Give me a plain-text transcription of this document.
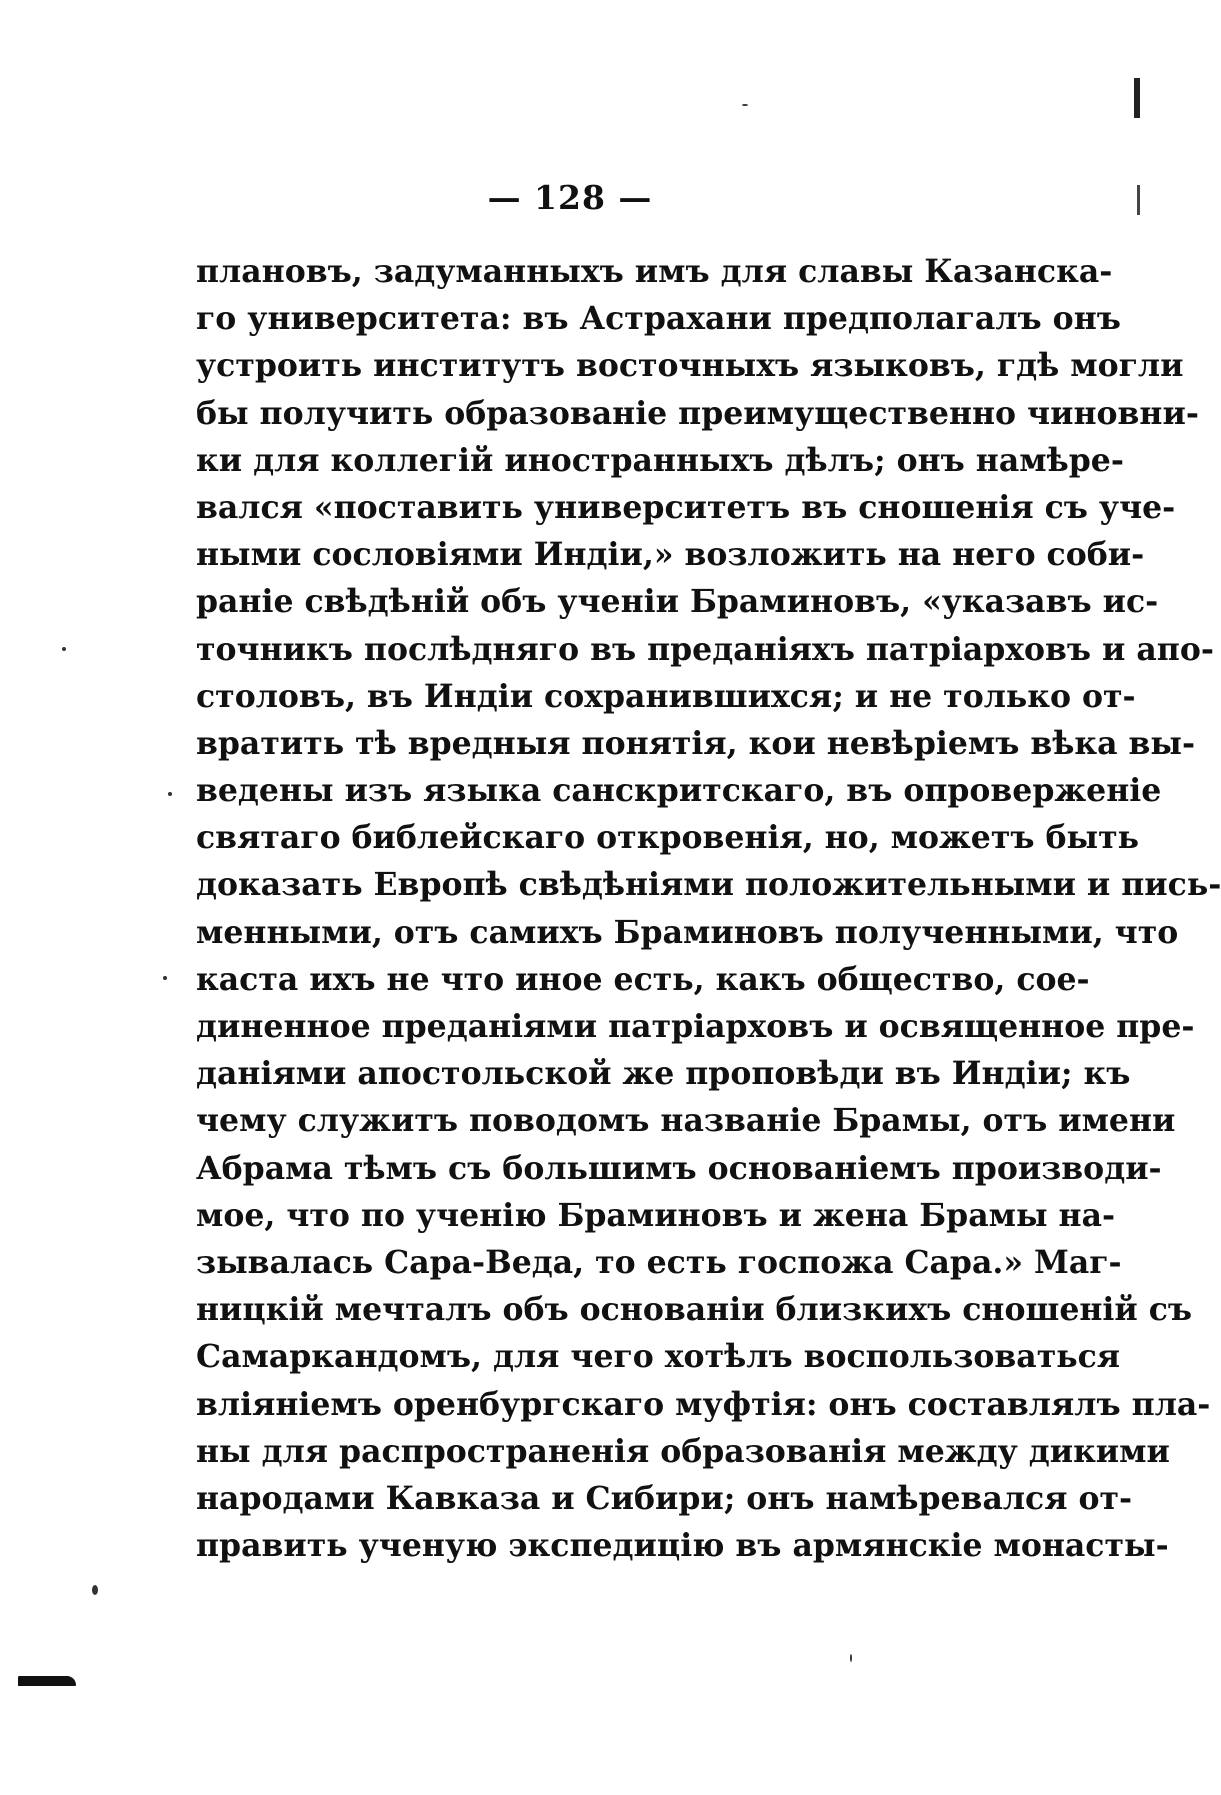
— 128 —
плановъ, задуманныхъ имъ для славы Казанска-
го университета: въ Астрахани предполагалъ онъ
устроить институтъ восточныхъ языковъ, гдѣ могли
бы получить образованіе преимущественно чиновни-
ки для коллегій иностранныхъ дѣлъ; онъ намѣре-
вался «поставить университетъ въ сношенія съ уче-
ными сословіями Индіи,» возложить на него соби-
раніе свѣдѣній объ ученіи Браминовъ, «указавъ ис-
точникъ послѣдняго въ преданіяхъ патріарховъ и апо-
столовъ, въ Индіи сохранившихся; и не только от-
вратить тѣ вредныя понятія, кои невѣріемъ вѣка вы-
ведены изъ языка санскритскаго, въ опроверженіе
святаго библейскаго откровенія, но, можетъ быть
доказать Европѣ свѣдѣніями положительными и пись-
менными, отъ самихъ Браминовъ полученными, что
каста ихъ не что иное есть, какъ общество, сое-
диненное преданіями патріарховъ и освященное пре-
даніями апостольской же проповѣди въ Индіи; къ
чему служитъ поводомъ названіе Брамы, отъ имени
Абрама тѣмъ съ большимъ основаніемъ производи-
мое, что по ученію Браминовъ и жена Брамы на-
зывалась Сара-Веда, то есть госпожа Сара.» Маг-
ницкій мечталъ объ основаніи близкихъ сношеній съ
Самаркандомъ, для чего хотѣлъ воспользоваться
вліяніемъ оренбургскаго муфтія: онъ составлялъ пла-
ны для распространенія образованія между дикими
народами Кавказа и Сибири; онъ намѣревался от-
править ученую экспедицію въ армянскіе монасты-
